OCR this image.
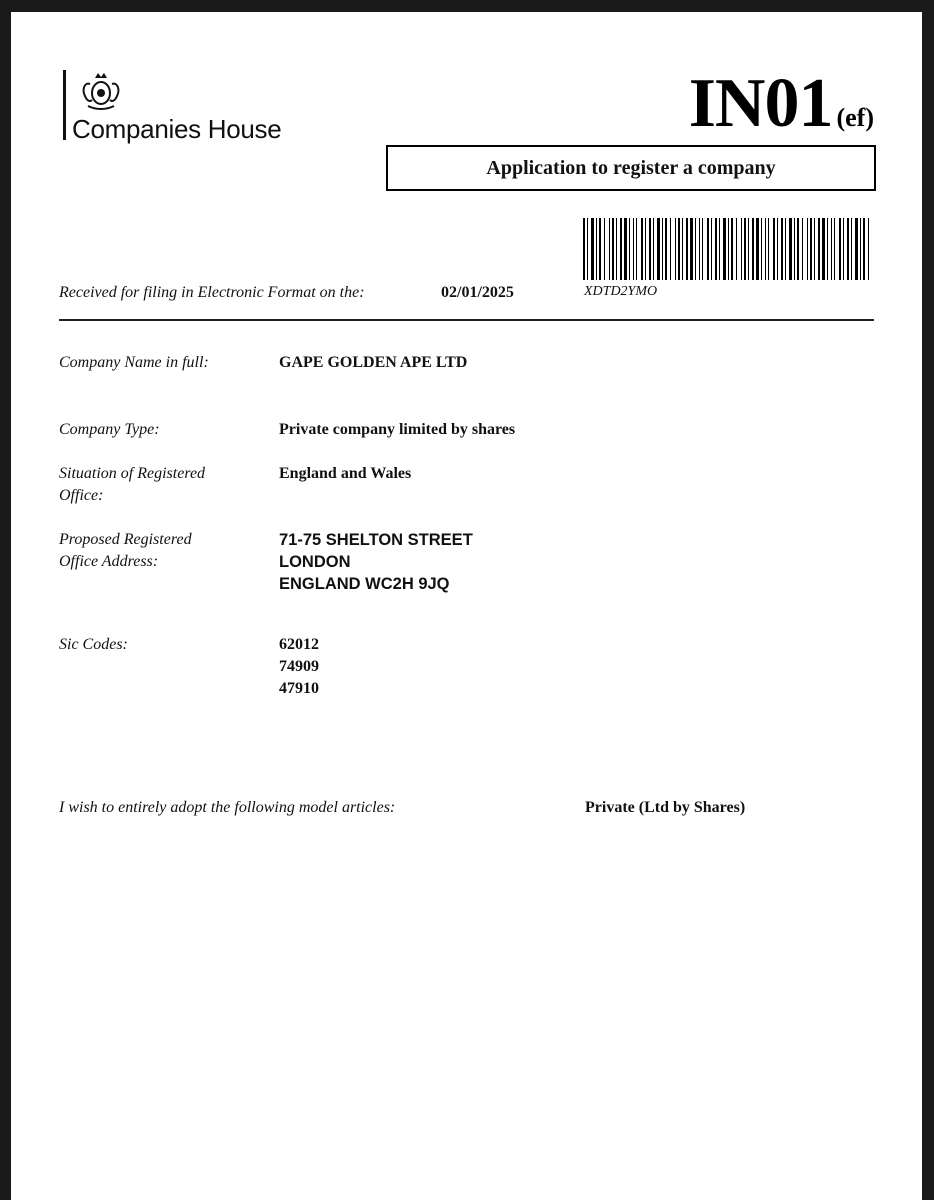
Companies House	IN01 (ef)
Application to register a company
XDTD2YMO
Received for filing in Electronic Format on the:	02/01/2025
Company Name in full:	GAPE GOLDEN APE LTD
Company Type:	Private company limited by shares
Situation of Registered Office:
England and Wales
Proposed Registered Office Address:
71-75 SHELTON STREET
LONDON
ENGLAND WC2H 9JQ
Sic Codes:	62012
74909
47910
I wish to entirely adopt the following model articles:	Private (Ltd by Shares)
